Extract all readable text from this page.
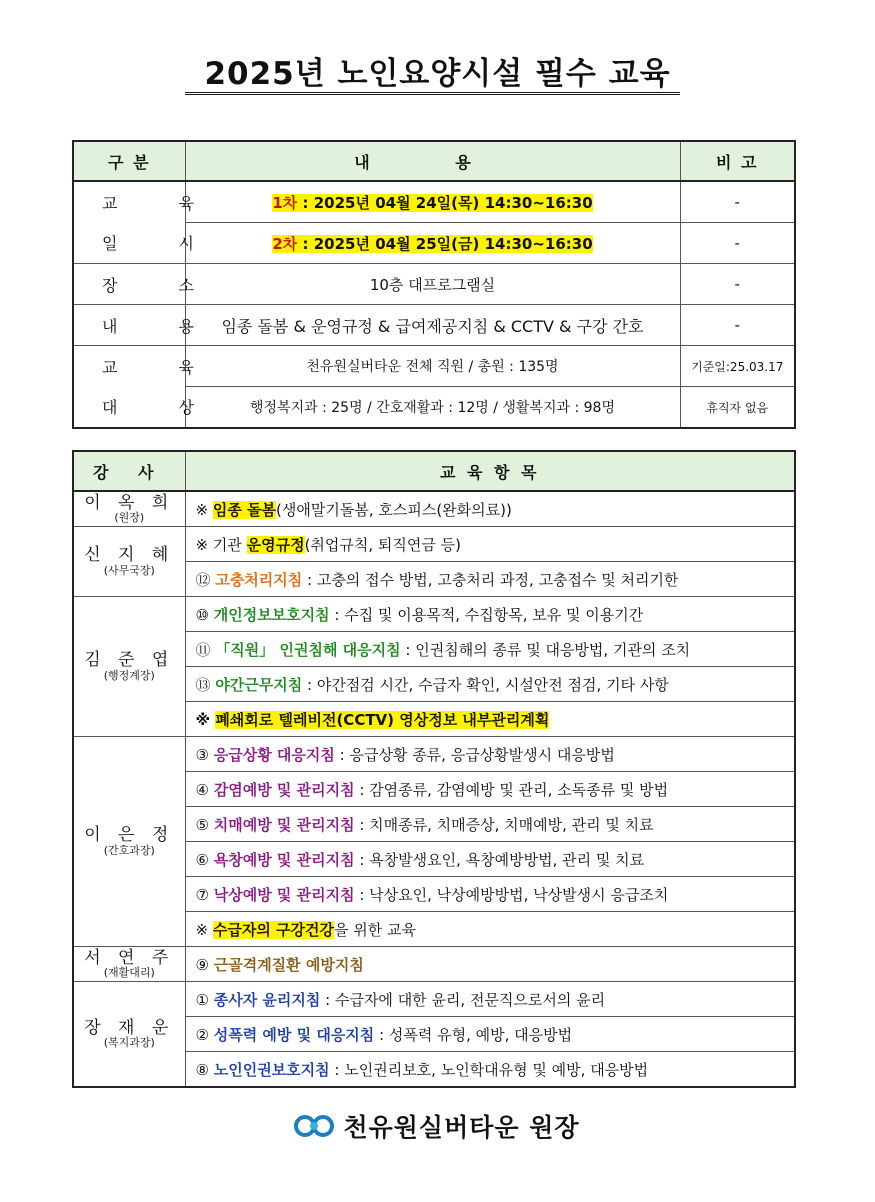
2025년 노인요양시설 필수 교육
구 분	내 용	비 고
교 육	1차 : 2025년 04월 24일(목) 14:30~16:30	-
일 시	2차 : 2025년 04월 25일(금) 14:30~16:30	-
장 소	10층 대프로그램실	-
내 용	임종 돌봄 & 운영규정 & 급여제공지침 & CCTV & 구강 간호	-
교 육	천유원실버타운 전체 직원 / 총원 : 135명	기준일:25.03.17
대 상	행정복지과 : 25명 / 간호재활과 : 12명 / 생활복지과 : 98명	휴직자 없음
강 사	교 육 항 목

이 옥 희
(원장)	※ 임종 돌봄(생애말기돌봄, 호스피스(완화의료))

신 지 혜
(사무국장)	※ 기관 운영규정(취업규칙, 퇴직연금 등)
	⑫ 고충처리지침 : 고충의 접수 방법, 고충처리 과정, 고충접수 및 처리기한

김 준 엽
(행정계장)	⑩ 개인정보보호지침 : 수집 및 이용목적, 수집항목, 보유 및 이용기간
	⑪ 「직원」 인권침해 대응지침 : 인권침해의 종류 및 대응방법, 기관의 조치
	⑬ 야간근무지침 : 야간점검 시간, 수급자 확인, 시설안전 점검, 기타 사항
	※ 폐쇄회로 텔레비전(CCTV) 영상정보 내부관리계획

이 은 정
(간호과장)	③ 응급상황 대응지침 : 응급상황 종류, 응급상황발생시 대응방법
	④ 감염예방 및 관리지침 : 감염종류, 감염예방 및 관리, 소독종류 및 방법
	⑤ 치매예방 및 관리지침 : 치매종류, 치매증상, 치매예방, 관리 및 치료
	⑥ 욕창예방 및 관리지침 : 욕창발생요인, 욕창예방방법, 관리 및 치료
	⑦ 낙상예방 및 관리지침 : 낙상요인, 낙상예방방법, 낙상발생시 응급조치
	※ 수급자의 구강건강을 위한 교육

서 연 주
(재활대리)	⑨ 근골격계질환 예방지침

장 재 운
(복지과장)	① 종사자 윤리지침 : 수급자에 대한 윤리, 전문직으로서의 윤리
	② 성폭력 예방 및 대응지침 : 성폭력 유형, 예방, 대응방법
	⑧ 노인인권보호지침 : 노인권리보호, 노인학대유형 및 예방, 대응방법
천유원실버타운 원장
